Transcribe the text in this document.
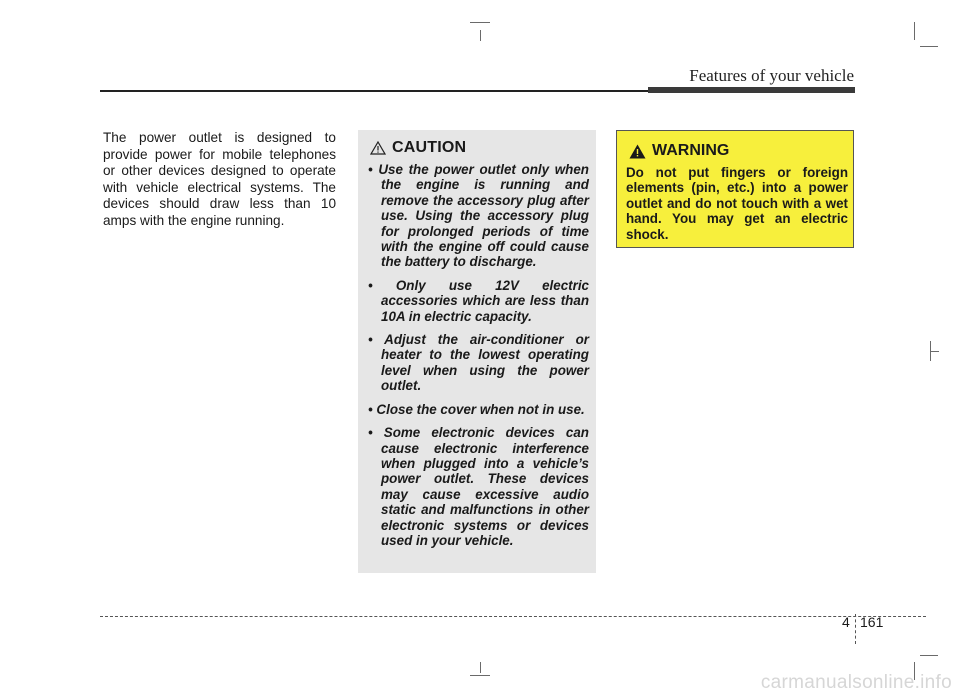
Features of your vehicle
The power outlet is designed to provide power for mobile telephones or other devices designed to operate with vehicle electrical systems. The devices should draw less than 10 amps with the engine running.
CAUTION
• Use the power outlet only when the engine is running and remove the accessory plug after use. Using the accessory plug for prolonged periods of time with the engine off could cause the battery to discharge.
• Only use 12V electric accessories which are less than 10A in electric capacity.
• Adjust the air-conditioner or heater to the lowest operating level when using the power outlet.
• Close the cover when not in use.
• Some electronic devices can cause electronic interference when plugged into a vehicle’s power outlet. These devices may cause excessive audio static and malfunctions in other electronic systems or devices used in your vehicle.
WARNING
Do not put fingers or foreign elements (pin, etc.) into a power outlet and do not touch with a wet hand. You may get an electric shock.
4 161
carmanualsonline.info
